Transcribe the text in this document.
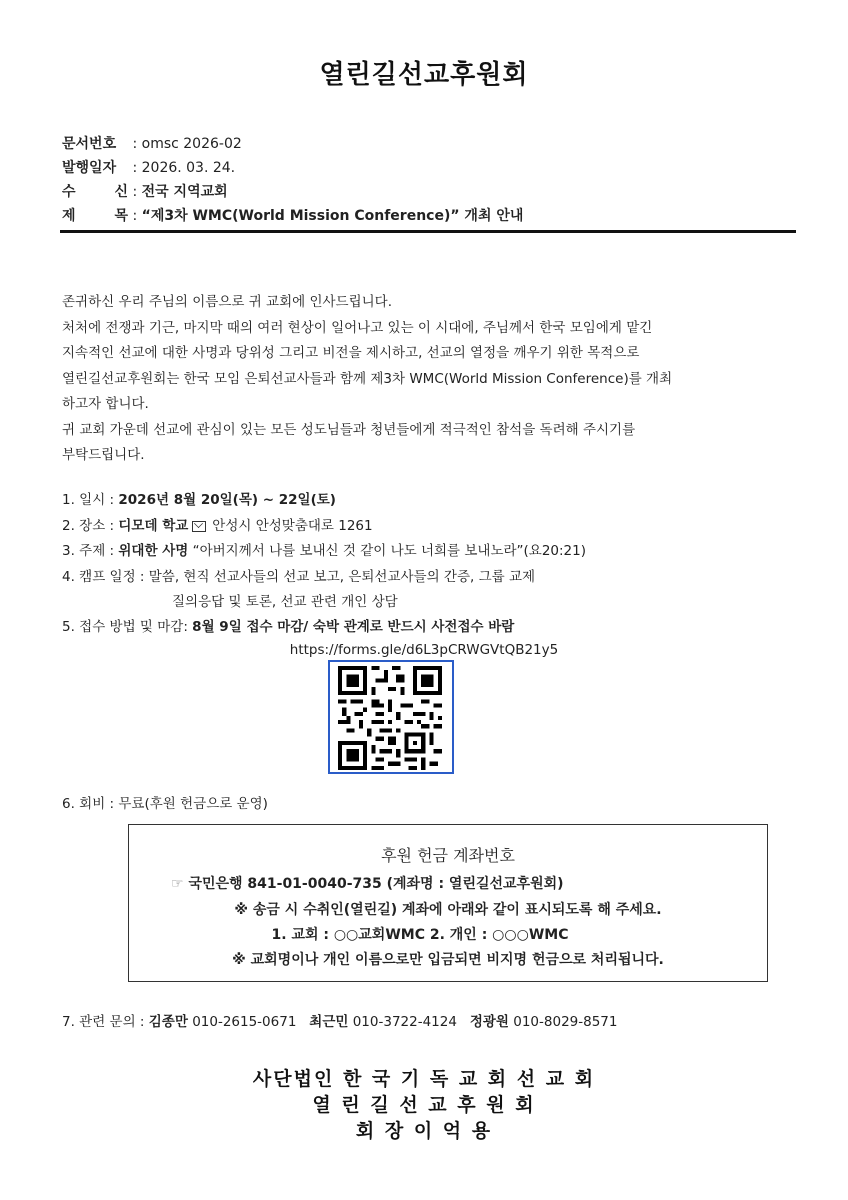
열린길선교후원회
문서번호 : omsc 2026-02
발행일자 : 2026. 03. 24.
수 신 : 전국 지역교회
제 목 : “제3차 WMC(World Mission Conference)” 개최 안내

존귀하신 우리 주님의 이름으로 귀 교회에 인사드립니다.

처처에 전쟁과 기근, 마지막 때의 여러 현상이 일어나고 있는 이 시대에, 주님께서 한국 모임에게 맡긴

지속적인 선교에 대한 사명과 당위성 그리고 비전을 제시하고, 선교의 열정을 깨우기 위한 목적으로

열린길선교후원회는 한국 모임 은퇴선교사들과 함께 제3차 WMC(World Mission Conference)를 개최

하고자 합니다.

귀 교회 가운데 선교에 관심이 있는 모든 성도님들과 청년들에게 적극적인 참석을 독려해 주시기를

부탁드립니다.

1. 일시 : 2026년 8월 20일(목) ~ 22일(토)
2. 장소 : 디모데 학교 안성시 안성맞춤대로 1261
3. 주제 : 위대한 사명 “아버지께서 나를 보내신 것 같이 나도 너희를 보내노라”(요20:21)
4. 캠프 일정 : 말씀, 현직 선교사들의 선교 보고, 은퇴선교사들의 간증, 그룹 교제
질의응답 및 토론, 선교 관련 개인 상담
5. 접수 방법 및 마감: 8월 9일 접수 마감/ 숙박 관계로 반드시 사전접수 바람
https://forms.gle/d6L3pCRWGVtQB21y5
6. 회비 : 무료(후원 헌금으로 운영)
후원 헌금 계좌번호
☞ 국민은행 841-01-0040-735 (계좌명 : 열린길선교후원회)
※ 송금 시 수취인(열린길) 계좌에 아래와 같이 표시되도록 해 주세요.
1. 교회 : ○○교회WMC 2. 개인 : ○○○WMC
※ 교회명이나 개인 이름으로만 입금되면 비지명 헌금으로 처리됩니다.
7. 관련 문의 : 김종만 010-2615-0671 최근민 010-3722-4124 정광원 010-8029-8571
사단법인 한 국 기 독 교 회 선 교 회
열 린 길 선 교 후 원 회
회 장 이 억 용
